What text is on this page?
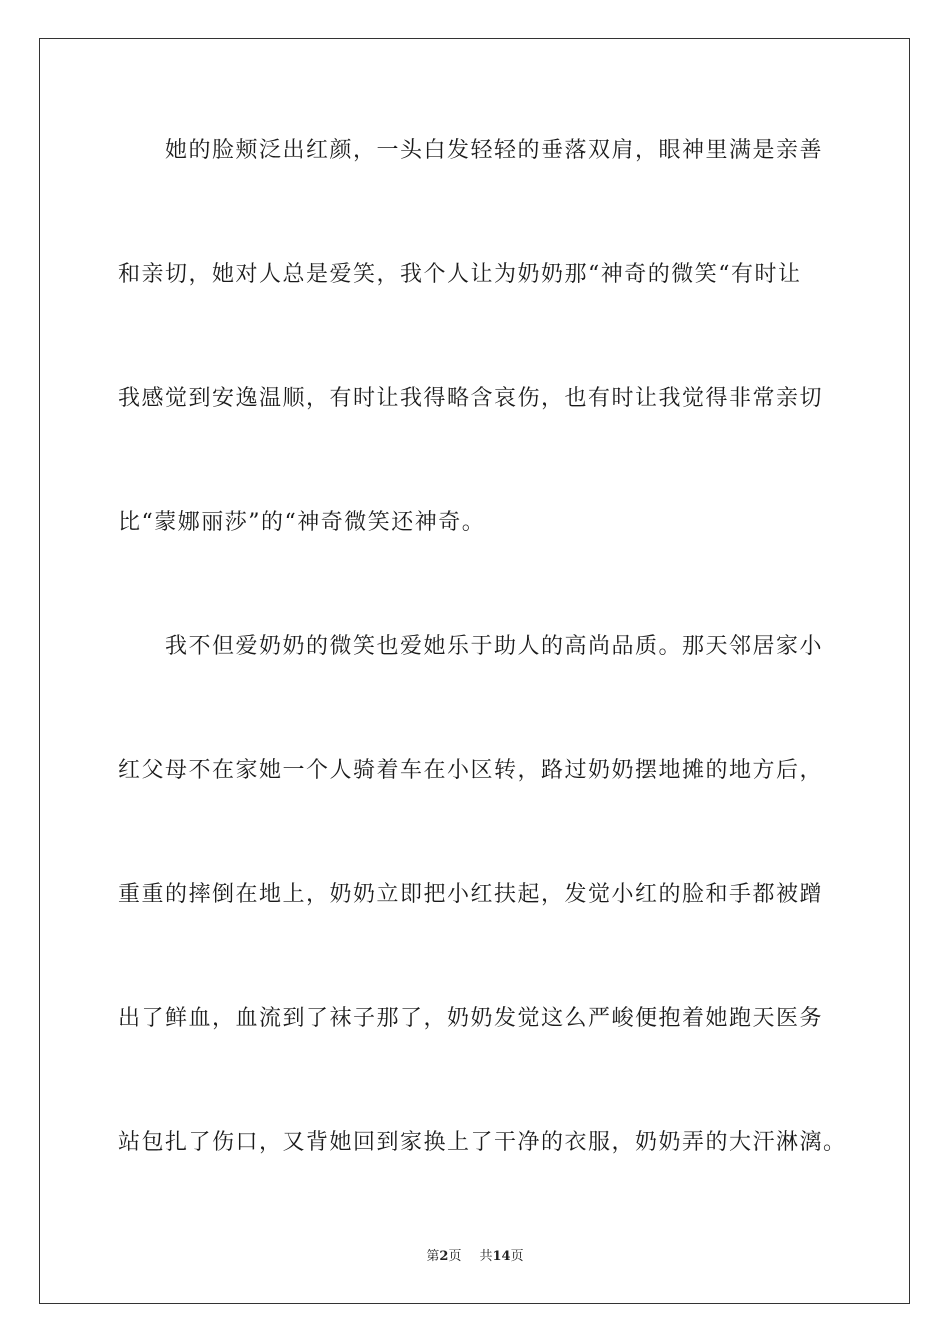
她的脸颊泛出红颜，一头白发轻轻的垂落双肩，眼神里满是亲善
和亲切，她对人总是爱笑，我个人让为奶奶那“神奇的微笑“有时让
我感觉到安逸温顺，有时让我得略含哀伤，也有时让我觉得非常亲切
比“蒙娜丽莎”的“神奇微笑还神奇。
我不但爱奶奶的微笑也爱她乐于助人的高尚品质。那天邻居家小
红父母不在家她一个人骑着车在小区转，路过奶奶摆地摊的地方后，
重重的摔倒在地上，奶奶立即把小红扶起，发觉小红的脸和手都被蹭
出了鲜血，血流到了袜子那了，奶奶发觉这么严峻便抱着她跑天医务
站包扎了伤口，又背她回到家换上了干净的衣服，奶奶弄的大汗淋漓。
第2页 共14页
